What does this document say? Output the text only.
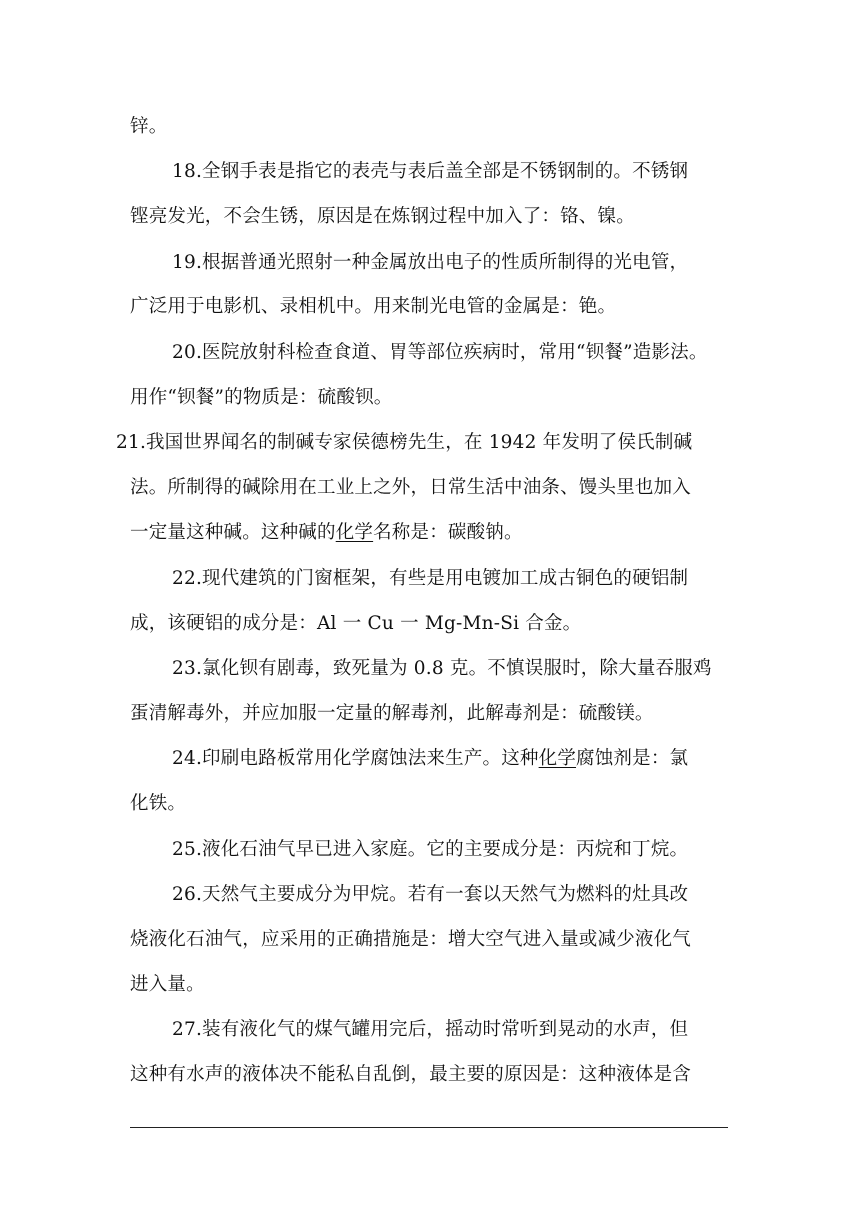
锌。
18.全钢手表是指它的表壳与表后盖全部是不锈钢制的。不锈钢
铿亮发光，不会生锈，原因是在炼钢过程中加入了：铬、镍。
19.根据普通光照射一种金属放出电子的性质所制得的光电管，
广泛用于电影机、录相机中。用来制光电管的金属是：铯。
20.医院放射科检查食道、胃等部位疾病时，常用“钡餐”造影法。
用作“钡餐”的物质是：硫酸钡。
21.我国世界闻名的制碱专家侯德榜先生，在 1942 年发明了侯氏制碱
法。所制得的碱除用在工业上之外，日常生活中油条、馒头里也加入
一定量这种碱。这种碱的化学名称是：碳酸钠。
22.现代建筑的门窗框架，有些是用电镀加工成古铜色的硬铝制
成，该硬铝的成分是：Al 一 Cu 一 Mg-Mn-Si 合金。
23.氯化钡有剧毒，致死量为 0.8 克。不慎误服时，除大量吞服鸡
蛋清解毒外，并应加服一定量的解毒剂，此解毒剂是：硫酸镁。
24.印刷电路板常用化学腐蚀法来生产。这种化学腐蚀剂是：氯
化铁。
25.液化石油气早已进入家庭。它的主要成分是：丙烷和丁烷。
26.天然气主要成分为甲烷。若有一套以天然气为燃料的灶具改
烧液化石油气，应采用的正确措施是：增大空气进入量或减少液化气
进入量。
27.装有液化气的煤气罐用完后，摇动时常听到晃动的水声，但
这种有水声的液体决不能私自乱倒，最主要的原因是：这种液体是含
